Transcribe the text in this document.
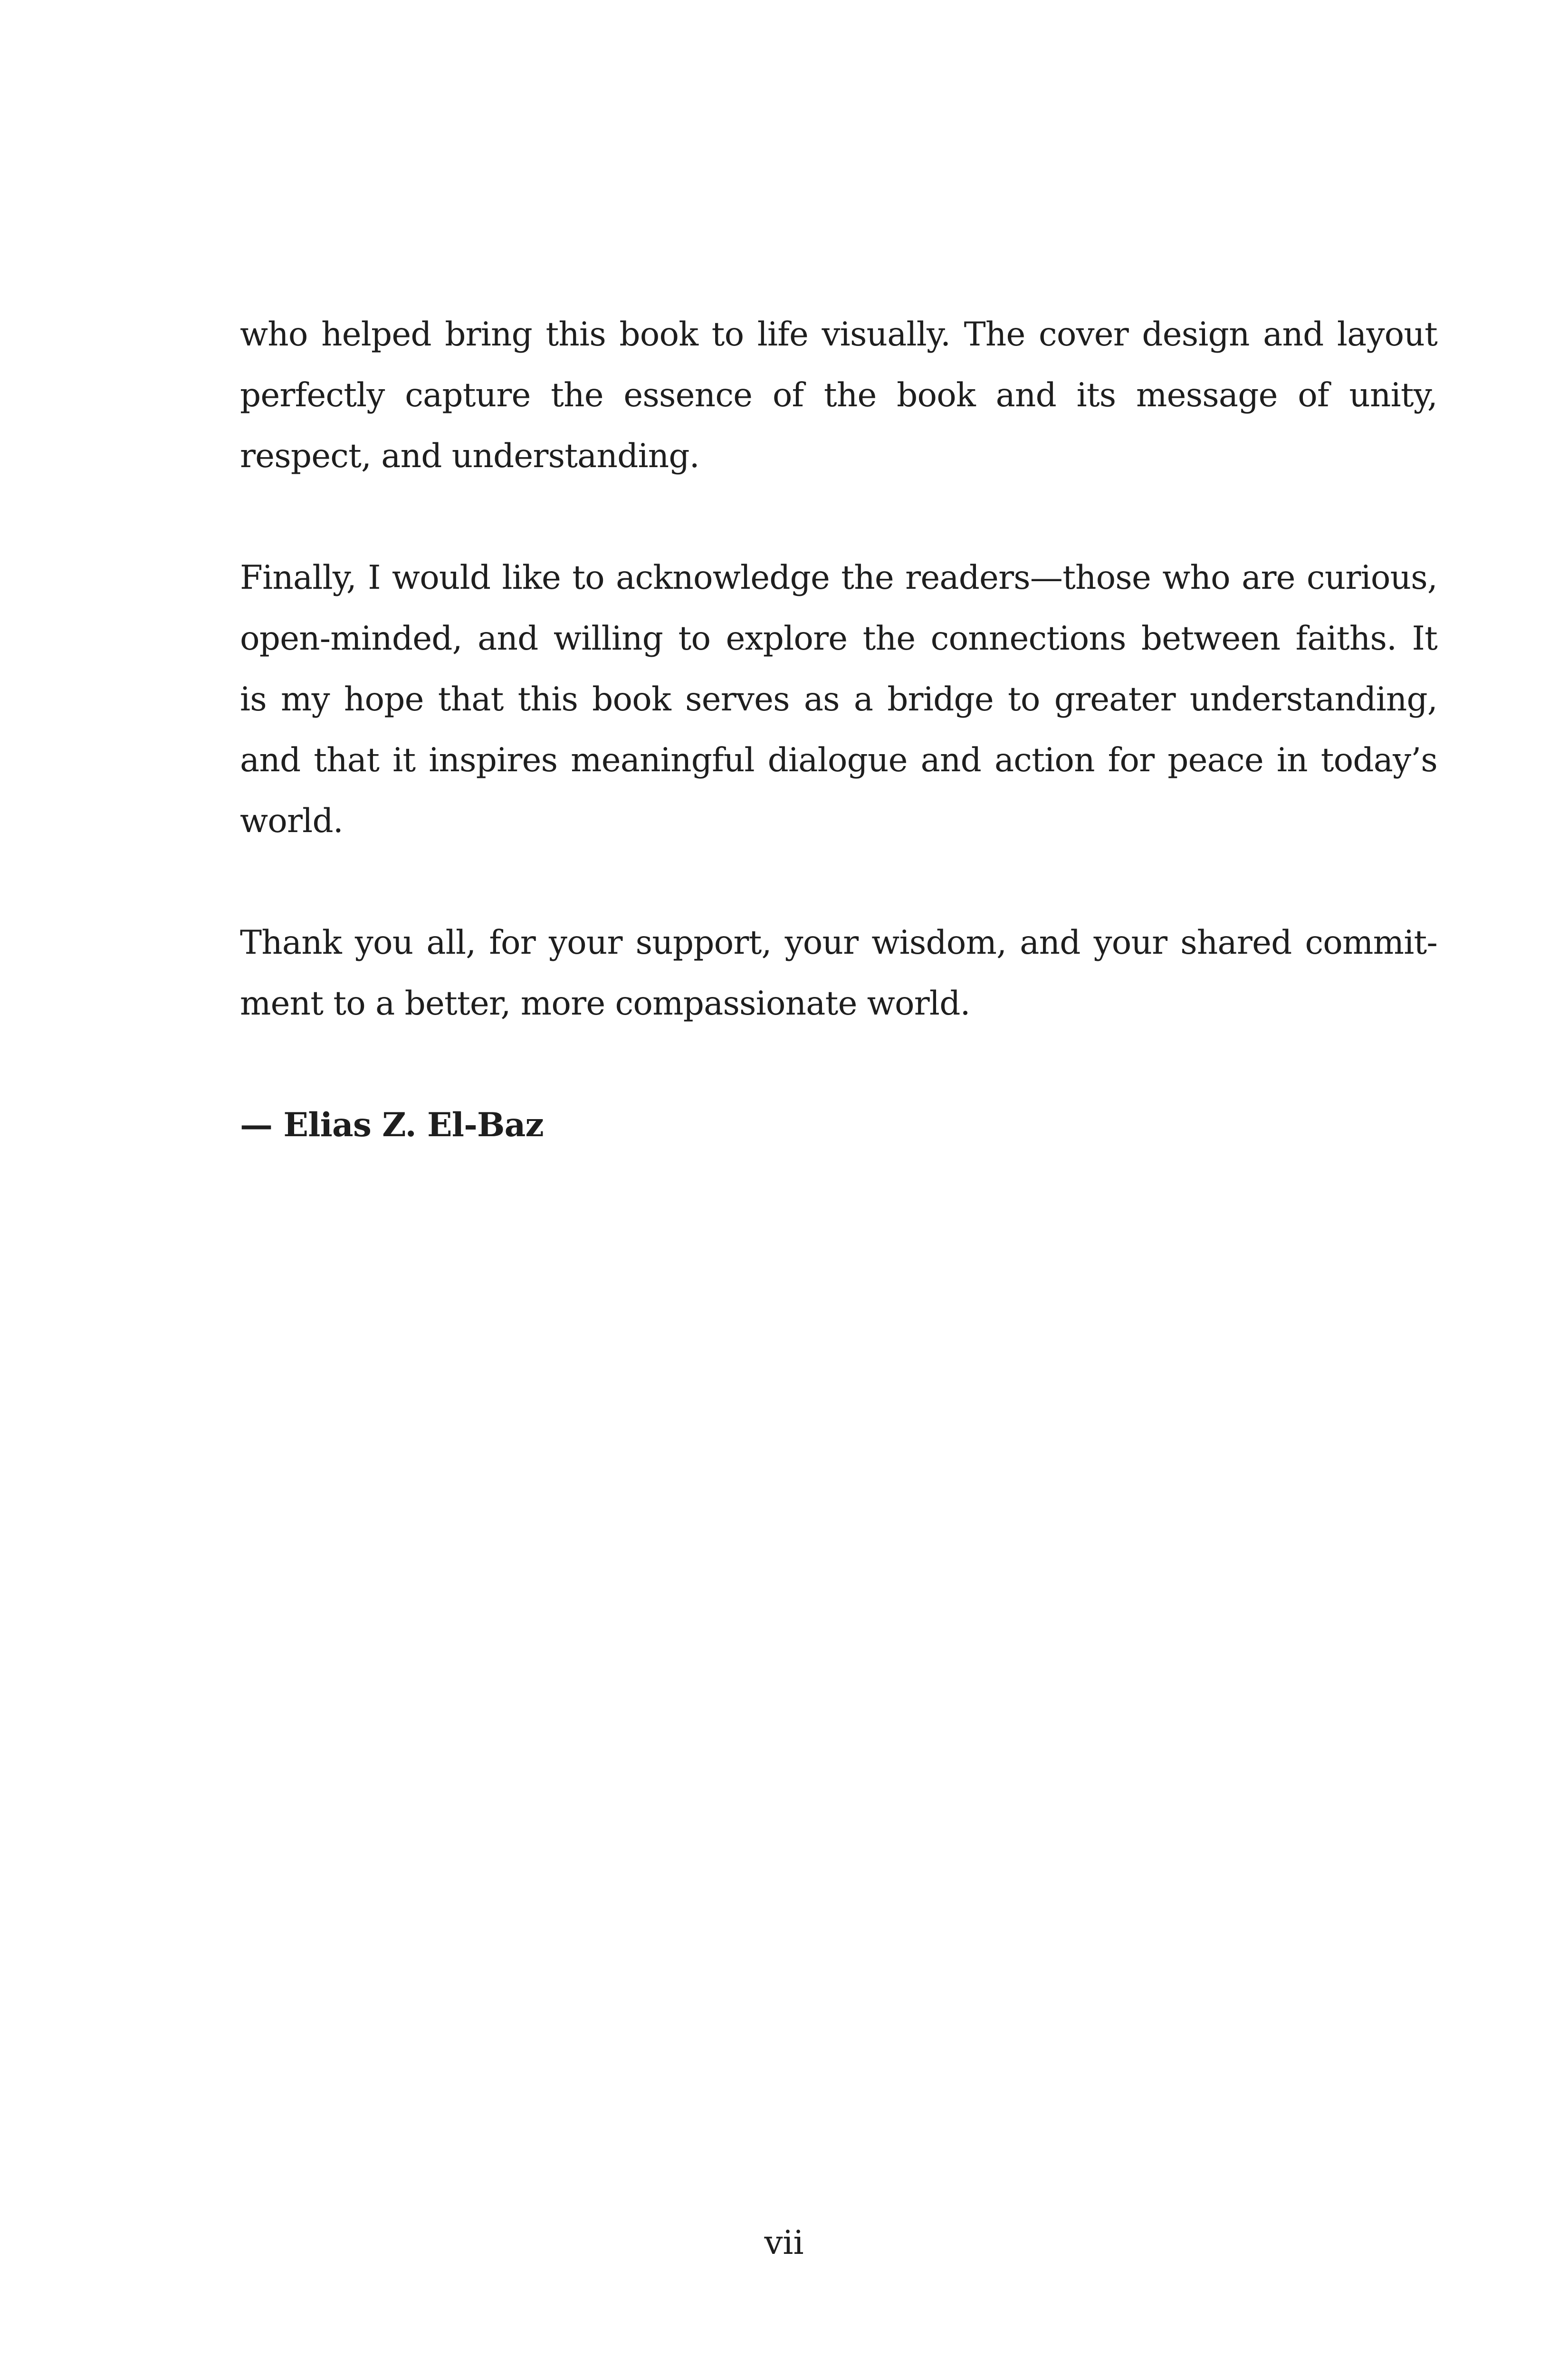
who helped bring this book to life visually. The cover design and layout
perfectly capture the essence of the book and its message of unity,
respect, and understanding.
Finally, I would like to acknowledge the readers—those who are curious,
open-minded, and willing to explore the connections between faiths. It
is my hope that this book serves as a bridge to greater understanding,
and that it inspires meaningful dialogue and action for peace in today’s
world.
Thank you all, for your support, your wisdom, and your shared commit-
ment to a better, more compassionate world.
— Elias Z. El-Baz
vii
